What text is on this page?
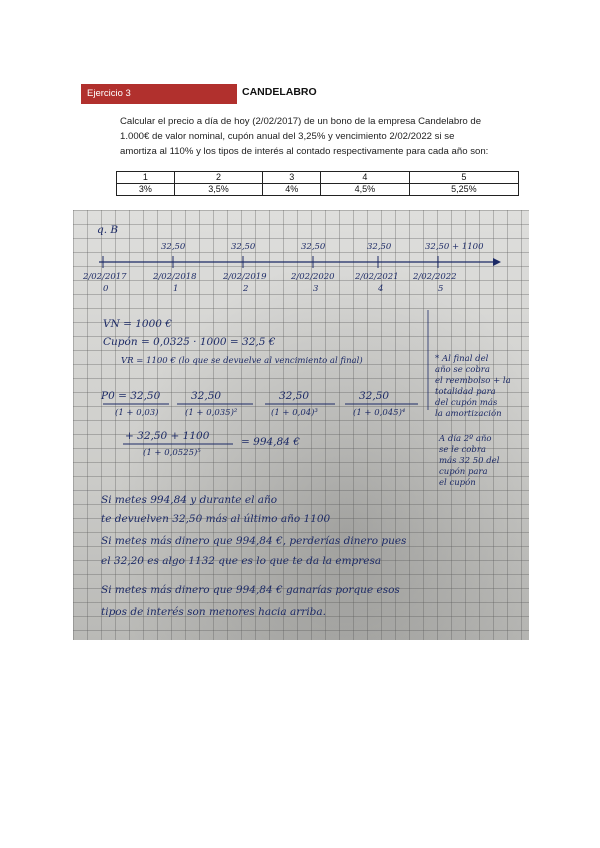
Ejercicio 3	CANDELABRO
Calcular el precio a día de hoy (2/02/2017) de un bono de la empresa Candelabro de
1.000€ de valor nominal, cupón anual del 3,25% y vencimiento 2/02/2022 si se
amortiza al 110% y los tipos de interés al contado respectivamente para cada año son:
1	2	3	4	5
3%	3,5%	4%	4,5%	5,25%
q. B
32,50	32,50	32,50	32,50	32,50 + 1100
2/02/2017	2/02/2018	2/02/2019	2/02/2020 2/02/2021 2/02/2022
0	1	2	3	4	5
VN = 1000 €
Cupón = 0,0325 · 1000 = 32,5 €
VR = 1100 € (lo que se devuelve al vencimiento al final)	* Al final del
año se cobra
el reembolso + la
totalidad para
del cupón más
la amortización
A día 2º año
se le cobra
más 32 50 del
cupón para
el cupón
P0 = 32,50	32,50	32,50	32,50
(1 + 0,03)	(1 + 0,035)²	(1 + 0,04)³	(1 + 0,045)⁴
+ 32,50 + 1100
(1 + 0,0525)⁵
= 994,84 €
Si metes 994,84 y durante el año
te devuelven 32,50 más al último año 1100
Si metes más dinero que 994,84 €, perderías dinero pues
el 32,20 es algo 1132 que es lo que te da la empresa
Si metes más dinero que 994,84 € ganarías porque esos
tipos de interés son menores hacia arriba.
